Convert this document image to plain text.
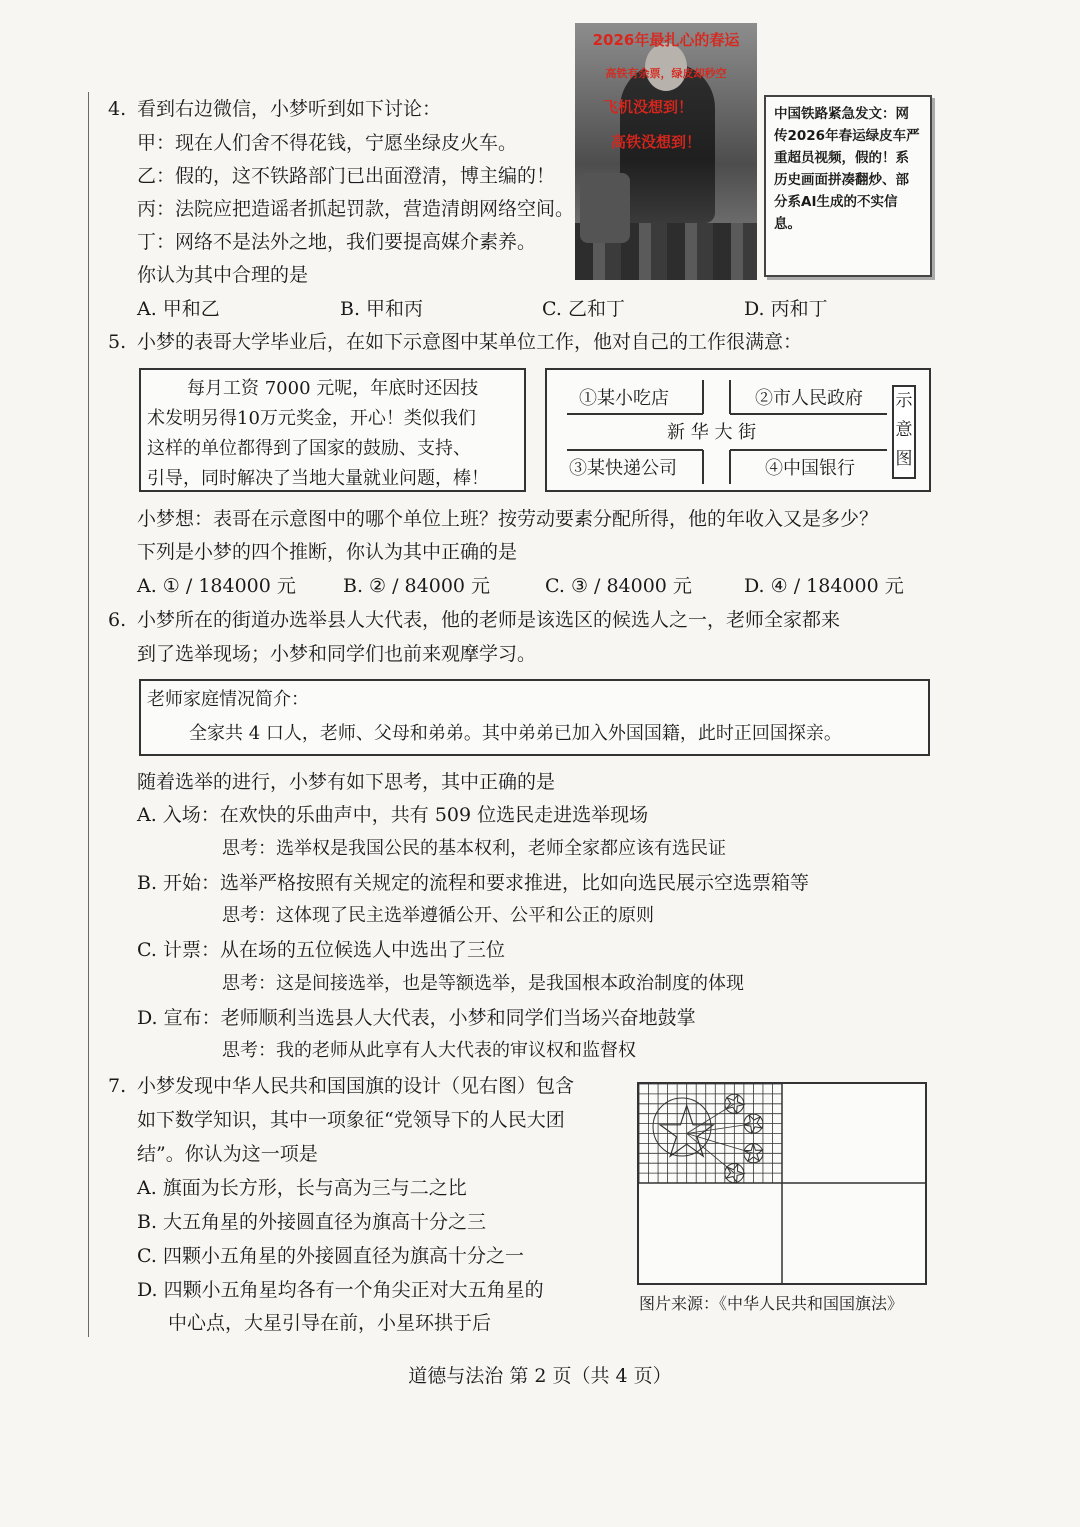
4. 看到右边微信，小梦听到如下讨论：
甲：现在人们舍不得花钱，宁愿坐绿皮火车。
乙：假的，这不铁路部门已出面澄清，博主编的！
丙：法院应把造谣者抓起罚款，营造清朗网络空间。
丁：网络不是法外之地，我们要提高媒介素养。
你认为其中合理的是
A. 甲和乙	B. 甲和丙	C. 乙和丁	D. 丙和丁
2026年最扎心的春运
高铁有余票，绿皮却秒空
飞机没想到！
高铁没想到！
中国铁路紧急发文：网传2026年春运绿皮车严重超员视频，假的！系历史画面拼凑翻炒、部分系AI生成的不实信息。
5. 小梦的表哥大学毕业后，在如下示意图中某单位工作，他对自己的工作很满意：
每月工资 7000 元呢，年底时还因技
术发明另得10万元奖金，开心！类似我们
这样的单位都得到了国家的鼓励、支持、
引导，同时解决了当地大量就业问题，棒！
①某小吃店	②市人民政府
新 华 大 街
③某快递公司	④中国银行
示意图
小梦想：表哥在示意图中的哪个单位上班？按劳动要素分配所得，他的年收入又是多少？
下列是小梦的四个推断，你认为其中正确的是
A. ① / 184000 元 B. ② / 84000 元	C. ③ / 84000 元	D. ④ / 184000 元
6. 小梦所在的街道办选举县人大代表，他的老师是该选区的候选人之一，老师全家都来
到了选举现场；小梦和同学们也前来观摩学习。
老师家庭情况简介：
全家共 4 口人，老师、父母和弟弟。其中弟弟已加入外国国籍，此时正回国探亲。
随着选举的进行，小梦有如下思考，其中正确的是
A. 入场：在欢快的乐曲声中，共有 509 位选民走进选举现场
思考：选举权是我国公民的基本权利，老师全家都应该有选民证
B. 开始：选举严格按照有关规定的流程和要求推进，比如向选民展示空选票箱等
思考：这体现了民主选举遵循公开、公平和公正的原则
C. 计票：从在场的五位候选人中选出了三位
思考：这是间接选举，也是等额选举，是我国根本政治制度的体现
D. 宣布：老师顺利当选县人大代表，小梦和同学们当场兴奋地鼓掌
思考：我的老师从此享有人大代表的审议权和监督权
7. 小梦发现中华人民共和国国旗的设计（见右图）包含
如下数学知识，其中一项象征“党领导下的人民大团
结”。你认为这一项是
A. 旗面为长方形，长与高为三与二之比
B. 大五角星的外接圆直径为旗高十分之三
C. 四颗小五角星的外接圆直径为旗高十分之一
D. 四颗小五角星均各有一个角尖正对大五角星的
中心点，大星引导在前，小星环拱于后
图片来源：《中华人民共和国国旗法》
道德与法治 第 2 页（共 4 页）
